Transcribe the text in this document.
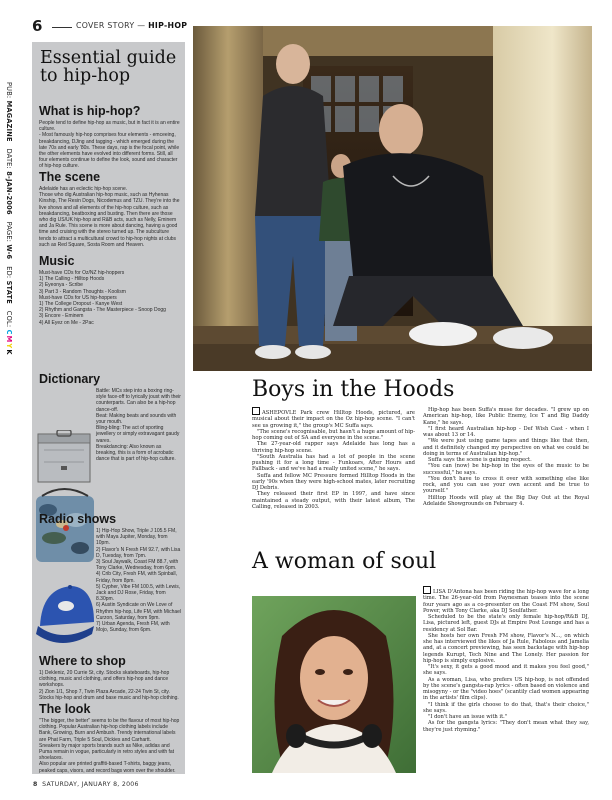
PUB: MAGAZINE   DATE: 8-JAN-2006   PAGE: W-6   ED: STATE   COL: CMYK
6	COVER STORY — HIP-HOP
Essential guide to hip-hop
What is hip-hop?

People tend to define hip-hop as music, but in fact it is an entire culture.

- Most famously hip-hop comprises four elements - emceeing, breakdancing, DJing and tagging - which emerged during the late 70s and early '80s. These days, rap is the focal point, while the other elements have evolved into different forms. Still, all four elements continue to define the look, sound and character of hip-hop culture.

The scene

Adelaide has an eclectic hip-hop scene.

Those who dig Australian hip-hop music, such as Hyhenas Kinship, The Resin Dogs, Nicodemus and TZU. They're into the live shows and all elements of the hip-hop culture, such as breakdancing, beatboxing and busting. Then there are those who dig US/UK hip-hop and R&B acts, such as Nelly, Eminem and Ja Rule. This scene is more about dancing, having a good time and cruising with the stereo turned up. The subculture tends to attract a multicultural crowd to hip-hop nights at clubs such as Red Square, Sosta Room and Heaven.

Music

Must-have CDs for Oz/NZ hip-hoppers

1) The Calling - Hilltop Hoods

2) Eyeonya - Scribe

3) Part 3 - Random Thoughts - Koolism

Must-have CDs for US hip-hoppers

1) The College Dropout - Kanye West

2) Rhythm and Gangsta - The Masterpiece - Snoop Dogg

3) Encore - Eminem

4) All Eyez on Me - 2Pac

Dictionary

Battle: MCs step into a boxing ring-style face-off to lyrically joust with their counterparts. Can also be a hip-hop dance-off.

Beat: Making beats and sounds with your mouth.

Bling-bling: The act of sporting jewellery or simply extravagant gaudy wares.

Breakdancing: Also known as breaking, this is a form of acrobatic dance that is part of hip-hop culture.

Radio shows

1) Hip-Hop Show, Triple J 105.5 FM, with Maya Jupiter, Monday, from 10pm.

2) Flavor's N Fresh FM 92.7, with Lisa D, Tuesday, from 7pm.

3) Soul Jaywalk, Coast FM 88.7, with Tony Clarke, Wednesday, from 6pm.

4) Crib City, Fresh FM, with Spinball, Friday, from 8pm.

5) Cypher, Vibe FM 100.5, with Lewis, Jack and DJ Rose, Friday, from 8.30pm.

6) Austin Syndicate on We Love of Rhythm hip-hop, Life FM, with Michael Curzon, Saturday, from 9pm.

7) Urban Agenda, Fresh FM, with Mojo, Sunday, from 6pm.

Where to shop

1) Dekleniz, 20 Currie St, city. Stocks skateboards, hip-hop clothing, music and clothing, and offers hip-hop and dance workshops.

2) Zion 1/1, Shop 7, Twin Plaza Arcade, 22-24 Twin St, city. Stocks hip-hop and drum and base music and hip-hop clothing.

The look

"The bigger, the better" seems to be the flavour of most hip-hop clothing. Popular Australian hip-hop clothing labels include Bank, Growing, Burn and Ambush. Trendy international labels are Phat Farm, Triple 5 Soul, Dickies and Carhartt.

Sneakers by major sports brands such as Nike, adidas and Puma remain in vogue, particularly in retro styles and with fat shoelaces.

Also popular are printed graffiti-based T-shirts, baggy jeans, peaked caps, visors, and record bags worn over the shoulder.

Boys in the Hoods

ASHEPOVLE Park crew Hilltop Hoods, pictured, are musical about their impact on the Oz hip-hop scene. "I can't see us growing it," the group's MC Suffa says.

"The scene's recognisable, but hasn't a huge amount of hip-hop coming out of SA and everyone in the scene."

The 27-year-old rapper says Adelaide has long has a thriving hip-hop scene.

"South Australia has had a lot of people in the scene pushing it for a long time - Funkoars, After Hours and Fallback - and we've had a really united scene," he says.

Suffa and fellow MC Pressure formed Hilltop Hoods in the early '90s when they were high-school mates, later recruiting DJ Debris.

They released their first EP in 1997, and have since maintained a steady output, with their latest album, The Calling, released in 2003.

Hip-hop has been Suffa's muse for decades. "I grew up on American hip-hop, like Public Enemy, Ice T and Big Daddy Kane," he says.

"I first heard Australian hip-hop - Def Wish Cast - when I was about 13 or 14.

"We were just using game tapes and things like that then, and it definitely changed my perspective on what we could be doing in terms of Australian hip-hop."

Suffa says the scene is gaining respect.

"You can (now) be hip-hop in the eyes of the music to be successful," he says.

"You don't have to cross it over with something else like rock, and you can use your own accent and be true to yourself."

Hilltop Hoods will play at the Big Day Out at the Royal Adelaide Showgrounds on February 4.

A woman of soul

LISA D'Antona has been riding the hip-hop wave for a long time. The 26-year-old from Paynesman teases into the scene four years ago as a co-presenter on the Coast FM show, Soul Power, with Tony Clarke, aka DJ Soulfather.

Scheduled to be the state's only female hip-hop/R&B DJ, Lisa, pictured left, guest DJs at Empire Post Lounge and has a residency at Sol Bar.

She hosts her own Fresh FM show, Flavor's N..., on which she has interviewed the likes of Ja Rule, Fabolous and Jamelia and, at a concert previewing, has seen backstage with hip-hop legends Kurupt, Tech Nine and The Lonely. Her passion for hip-hop is simply explosive.

"It's sexy, it gets a good mood and it makes you feel good," she says.

As a woman, Lisa, who prefers US hip-hop, is not offended by the scene's gangsta-rap lyrics - often based on violence and misogyny - or the "video hoes" (scantily clad women appearing in the artists' film clips).

"I think if the girls choose to do that, that's their choice," she says.

"I don't have an issue with it."

As for the gangsta lyrics: "They don't mean what they say, they're just rhyming."

8 SATURDAY, JANUARY 8, 2006
